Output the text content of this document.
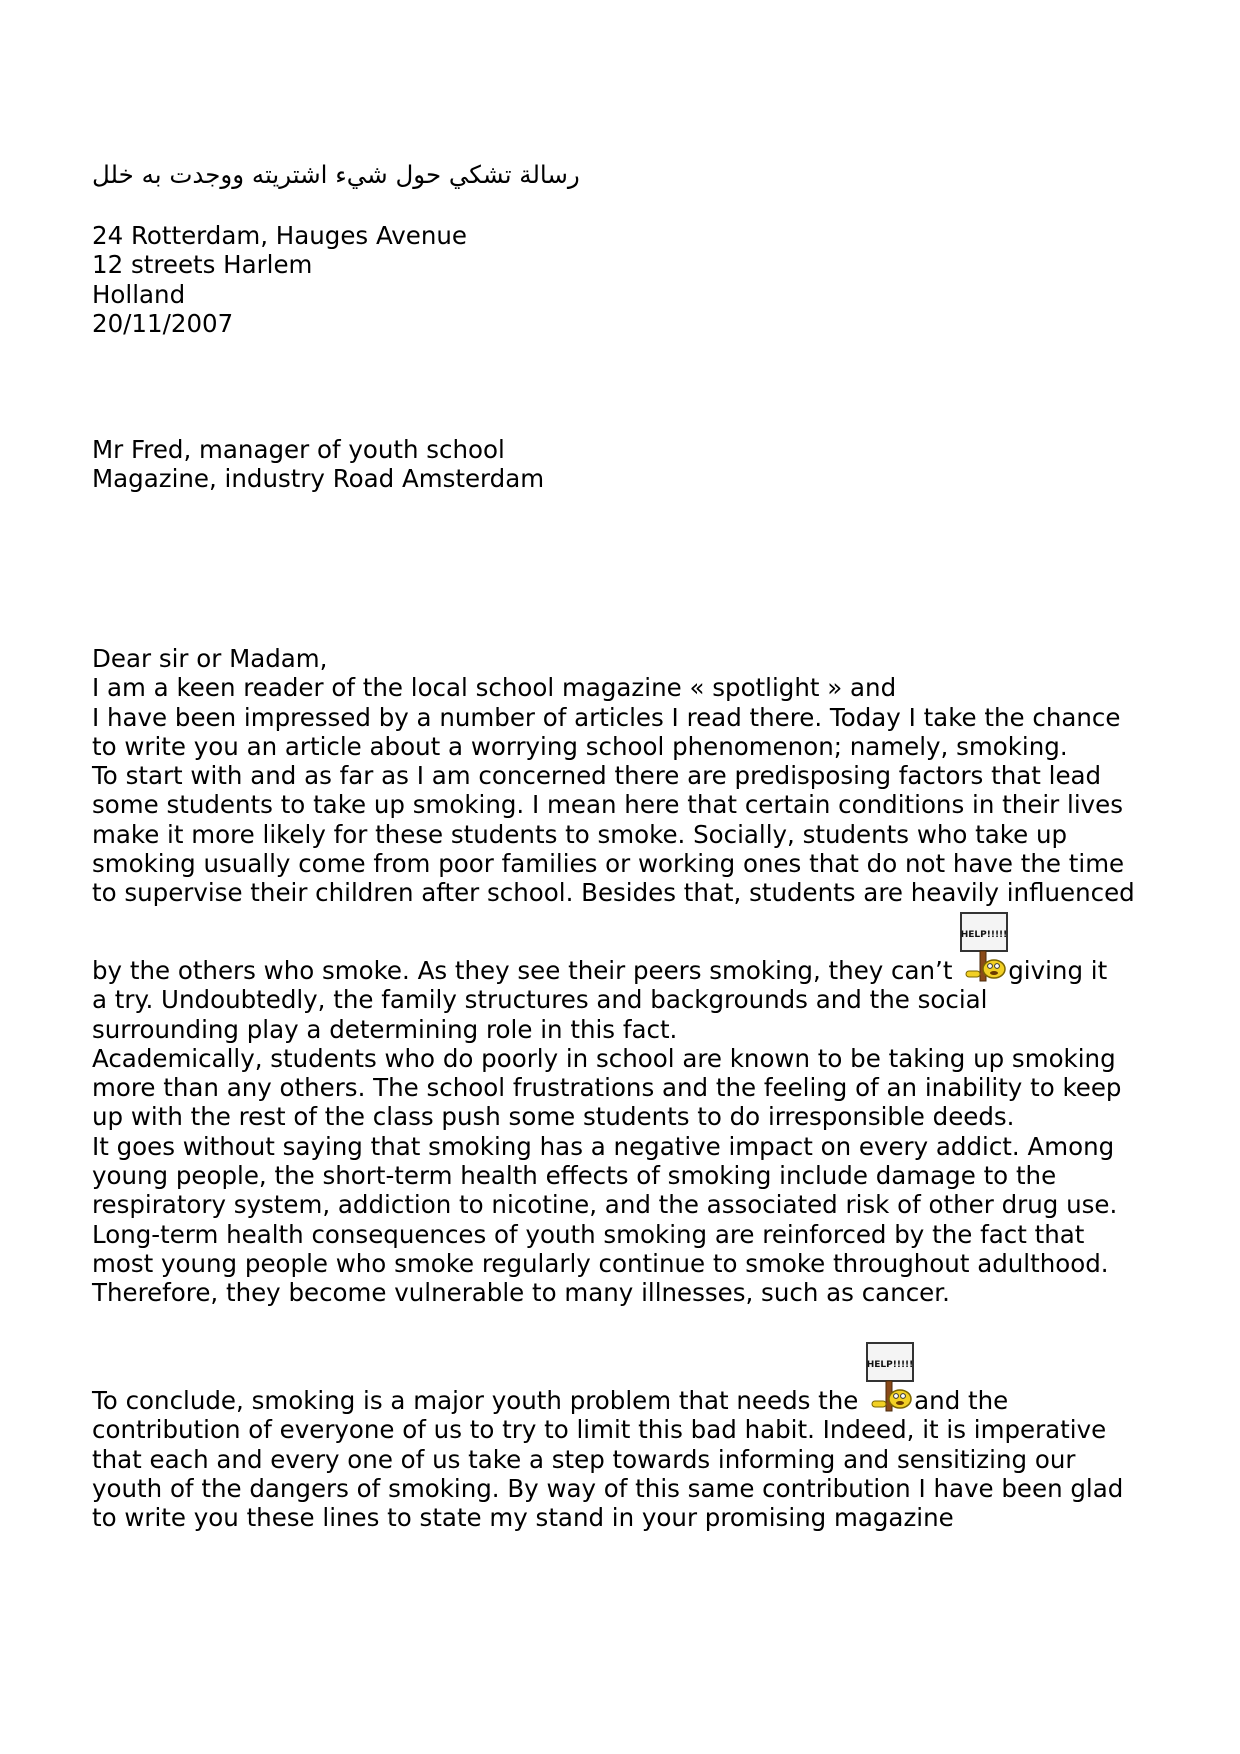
رسالة تشكي حول شيء اشتريته ووجدت به خلل
24 Rotterdam, Hauges Avenue
12 streets Harlem
Holland
20/11/2007
Mr Fred, manager of youth school
Magazine, industry Road Amsterdam
Dear sir or Madam,
I am a keen reader of the local school magazine « spotlight » and
I have been impressed by a number of articles I read there. Today I take the chance
to write you an article about a worrying school phenomenon; namely, smoking.
To start with and as far as I am concerned there are predisposing factors that lead
some students to take up smoking. I mean here that certain conditions in their lives
make it more likely for these students to smoke. Socially, students who take up
smoking usually come from poor families or working ones that do not have the time
to supervise their children after school. Besides that, students are heavily influenced
by the others who smoke. As they see their peers smoking, they can’t
HELP!!!!!
giving it
a try. Undoubtedly, the family structures and backgrounds and the social
surrounding play a determining role in this fact.
Academically, students who do poorly in school are known to be taking up smoking
more than any others. The school frustrations and the feeling of an inability to keep
up with the rest of the class push some students to do irresponsible deeds.
It goes without saying that smoking has a negative impact on every addict. Among
young people, the short-term health effects of smoking include damage to the
respiratory system, addiction to nicotine, and the associated risk of other drug use.
Long-term health consequences of youth smoking are reinforced by the fact that
most young people who smoke regularly continue to smoke throughout adulthood.
Therefore, they become vulnerable to many illnesses, such as cancer.
To conclude, smoking is a major youth problem that needs the
HELP!!!!!
and the
contribution of everyone of us to try to limit this bad habit. Indeed, it is imperative
that each and every one of us take a step towards informing and sensitizing our
youth of the dangers of smoking. By way of this same contribution I have been glad
to write you these lines to state my stand in your promising magazine
